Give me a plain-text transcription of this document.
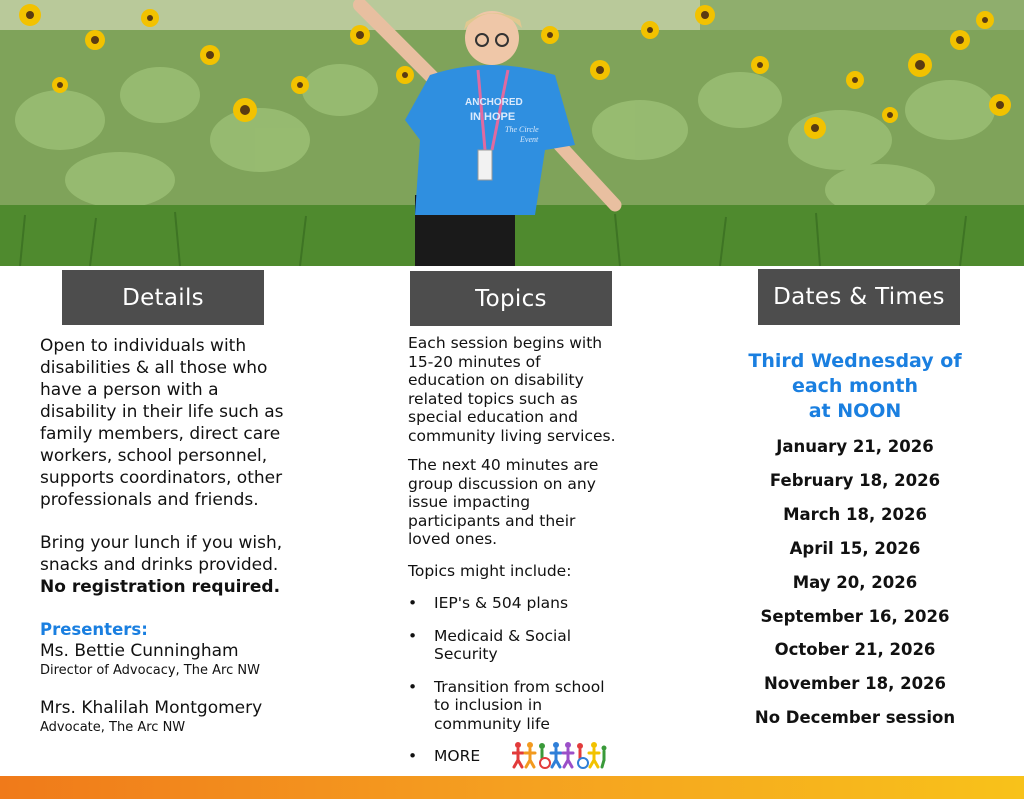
ANCHORED
IN HOPE
The Circle
Event
Details

Open to individuals with

disabilities & all those who

have a person with a

disability in their life such as

family members, direct care

workers, school personnel,

supports coordinators, other

professionals and friends.

Bring your lunch if you wish,

snacks and drinks provided.

No registration required.

Presenters:

Ms. Bettie Cunningham

Director of Advocacy, The Arc NW

Mrs. Khalilah Montgomery

Advocate, The Arc NW

Topics

Each session begins with

15-20 minutes of

education on disability

related topics such as

special education and

community living services.

The next 40 minutes are

group discussion on any

issue impacting

participants and their

loved ones.

Topics might include:

• IEP's & 504 plans
• Medicaid & Social
Security
• Transition from school
to inclusion in
community life
• MORE
Dates & Times

Third Wednesday of

each month

at NOON

January 21, 2026
February 18, 2026
March 18, 2026
April 15, 2026
May 20, 2026
September 16, 2026
October 21, 2026
November 18, 2026
No December session
